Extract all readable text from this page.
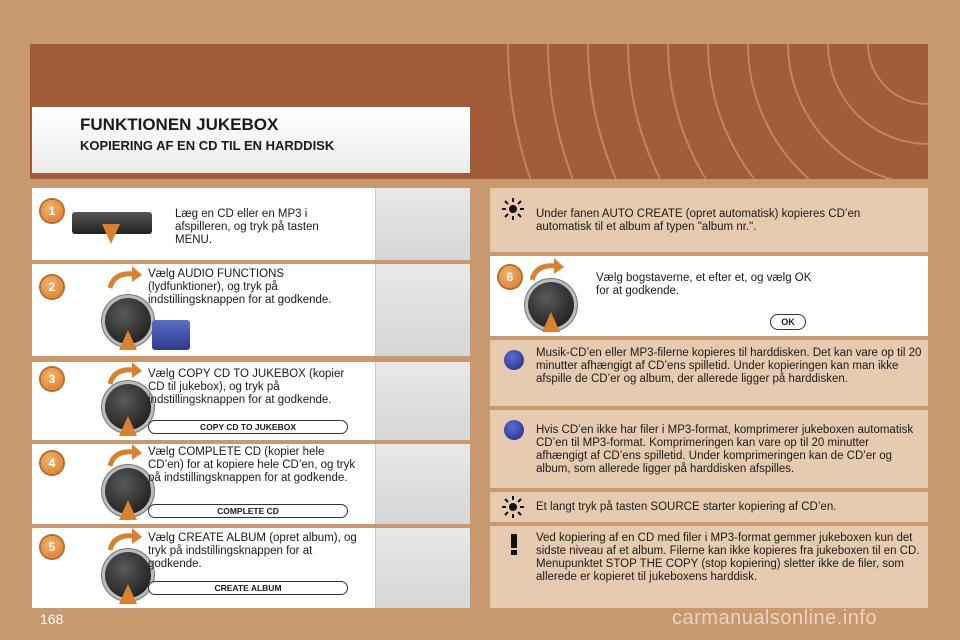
FUNKTIONEN JUKEBOX
KOPIERING AF EN CD TIL EN HARDDISK
1	Læg en CD eller en MP3 i afspilleren, og tryk på tasten MENU.
2
Vælg AUDIO FUNCTIONS (lydfunktioner), og tryk på indstillingsknappen for at godkende.
3	Vælg COPY CD TO JUKEBOX (kopier CD til jukebox), og tryk på indstillingsknappen for at godkende.
COPY CD TO JUKEBOX
4
Vælg COMPLETE CD (kopier hele CD’en) for at kopiere hele CD’en, og tryk på indstillingsknappen for at godkende.
COMPLETE CD
5
Vælg CREATE ALBUM (opret album), og tryk på indstillingsknappen for at godkende.
CREATE ALBUM
Under fanen AUTO CREATE (opret automatisk) kopieres CD’en automatisk til et album af typen "album nr.".
6	Vælg bogstaverne, et efter et, og vælg OK for at godkende.
OK
Musik-CD’en eller MP3-filerne kopieres til harddisken. Det kan vare op til 20 minutter afhængigt af CD’ens spilletid. Under kopieringen kan man ikke afspille de CD’er og album, der allerede ligger på harddisken.
Hvis CD’en ikke har filer i MP3-format, komprimerer jukeboxen automatisk CD’en til MP3-format. Komprimeringen kan vare op til 20 minutter afhængigt af CD’ens spilletid. Under komprimeringen kan de CD’er og album, som allerede ligger på harddisken afspilles.
Et langt tryk på tasten SOURCE starter kopiering af CD’en.
Ved kopiering af en CD med filer i MP3-format gemmer jukeboxen kun det sidste niveau af et album. Filerne kan ikke kopieres fra jukeboxen til en CD. Menupunktet STOP THE COPY (stop kopiering) sletter ikke de filer, som allerede er kopieret til jukeboxens harddisk.
168	carmanualsonline.info
